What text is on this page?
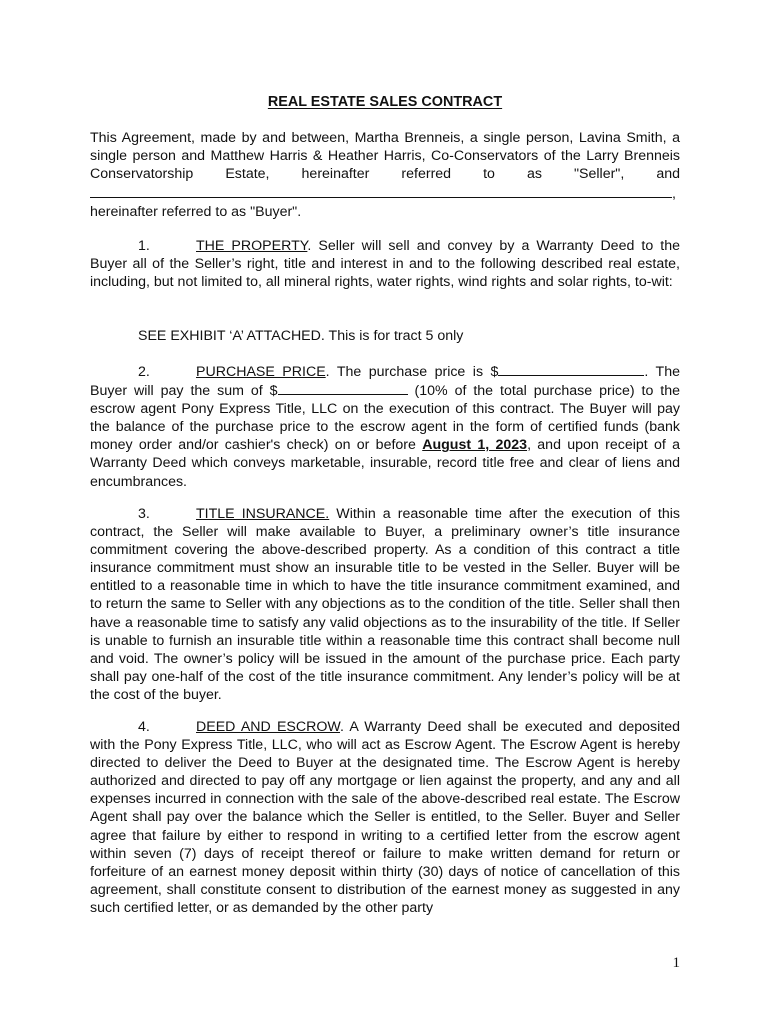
REAL ESTATE SALES CONTRACT
This Agreement, made by and between, Martha Brenneis, a single person, Lavina Smith, a single person and Matthew Harris & Heather Harris, Co-Conservators of the Larry Brenneis Conservatorship Estate, hereinafter referred to as "Seller", and ,
hereinafter referred to as "Buyer".
1.	THE PROPERTY. Seller will sell and convey by a Warranty Deed to the Buyer all of the Seller’s right, title and interest in and to the following described real estate, including, but not limited to, all mineral rights, water rights, wind rights and solar rights, to-wit:
SEE EXHIBIT ‘A’ ATTACHED. This is for tract 5 only
2.	PURCHASE PRICE. The purchase price is $	. The Buyer will pay the sum of $	(10% of the total purchase price) to the escrow agent Pony Express Title, LLC on the execution of this contract. The Buyer will pay the balance of the purchase price to the escrow agent in the form of certified funds (bank money order and/or cashier's check) on or before August 1, 2023, and upon receipt of a Warranty Deed which conveys marketable, insurable, record title free and clear of liens and encumbrances.
3.	TITLE INSURANCE. Within a reasonable time after the execution of this contract, the Seller will make available to Buyer, a preliminary owner’s title insurance commitment covering the above-described property. As a condition of this contract a title insurance commitment must show an insurable title to be vested in the Seller. Buyer will be entitled to a reasonable time in which to have the title insurance commitment examined, and to return the same to Seller with any objections as to the condition of the title. Seller shall then have a reasonable time to satisfy any valid objections as to the insurability of the title. If Seller is unable to furnish an insurable title within a reasonable time this contract shall become null and void. The owner’s policy will be issued in the amount of the purchase price. Each party shall pay one-half of the cost of the title insurance commitment. Any lender’s policy will be at the cost of the buyer.
4.	DEED AND ESCROW. A Warranty Deed shall be executed and deposited with the Pony Express Title, LLC, who will act as Escrow Agent. The Escrow Agent is hereby directed to deliver the Deed to Buyer at the designated time. The Escrow Agent is hereby authorized and directed to pay off any mortgage or lien against the property, and any and all expenses incurred in connection with the sale of the above-described real estate. The Escrow Agent shall pay over the balance which the Seller is entitled, to the Seller. Buyer and Seller agree that failure by either to respond in writing to a certified letter from the escrow agent within seven (7) days of receipt thereof or failure to make written demand for return or forfeiture of an earnest money deposit within thirty (30) days of notice of cancellation of this agreement, shall constitute consent to distribution of the earnest money as suggested in any such certified letter, or as demanded by the other party
1
